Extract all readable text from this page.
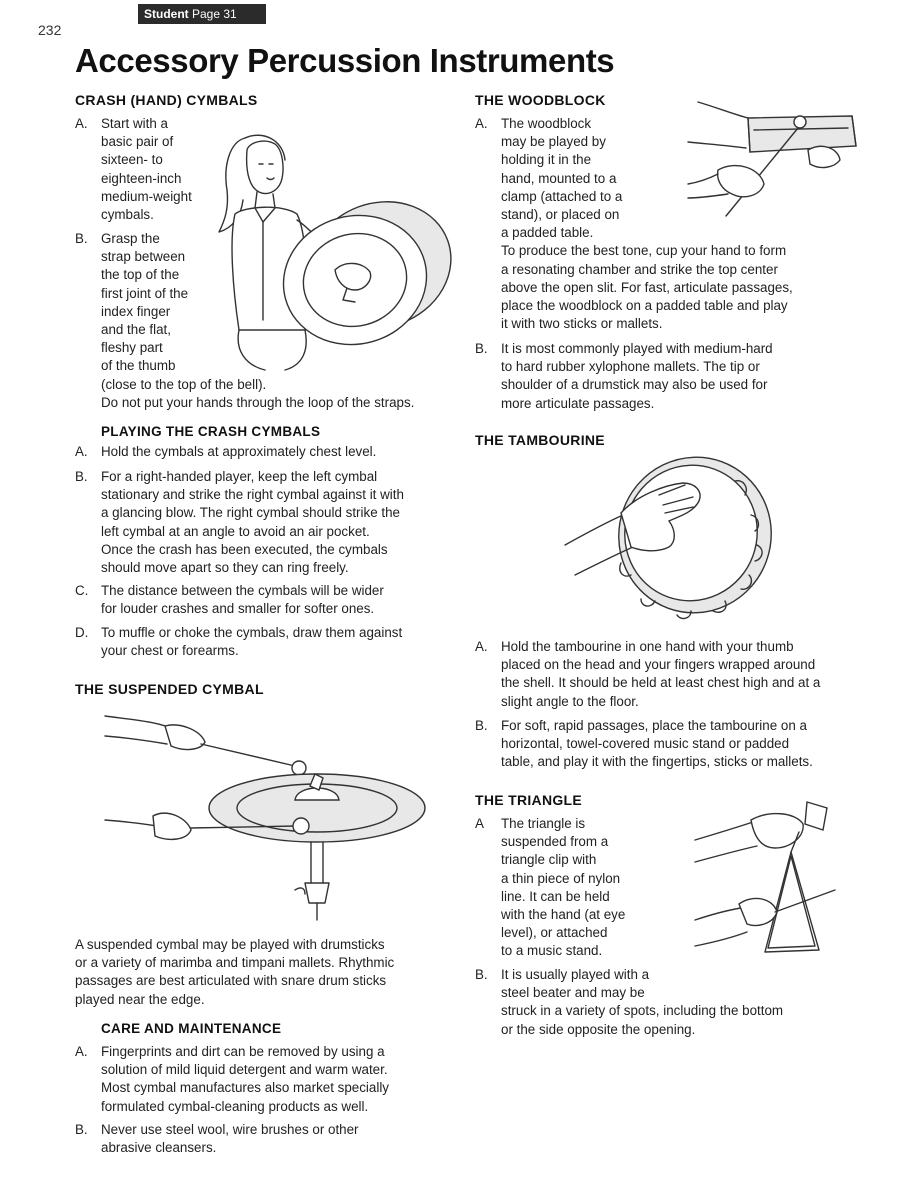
Student Page 31
232
Accessory Percussion Instruments
CRASH (HAND) CYMBALS
A. Start with a
basic pair of
sixteen- to
eighteen-inch
medium-weight
cymbals.
B. Grasp the
strap between
the top of the
first joint of the
index finger
and the flat,
fleshy part
of the thumb
(close to the top of the bell).
Do not put your hands through the loop of the straps.
PLAYING THE CRASH CYMBALS
A. Hold the cymbals at approximately chest level.
B. For a right-handed player, keep the left cymbal
stationary and strike the right cymbal against it with
a glancing blow. The right cymbal should strike the
left cymbal at an angle to avoid an air pocket.
Once the crash has been executed, the cymbals
should move apart so they can ring freely.
C. The distance between the cymbals will be wider
for louder crashes and smaller for softer ones.
D. To muffle or choke the cymbals, draw them against
your chest or forearms.
THE SUSPENDED CYMBAL
A suspended cymbal may be played with drumsticks
or a variety of marimba and timpani mallets. Rhythmic
passages are best articulated with snare drum sticks
played near the edge.
CARE AND MAINTENANCE
A. Fingerprints and dirt can be removed by using a
solution of mild liquid detergent and warm water.
Most cymbal manufactures also market specially
formulated cymbal-cleaning products as well.
B. Never use steel wool, wire brushes or other
abrasive cleansers.
THE WOODBLOCK
A. The woodblock
may be played by
holding it in the
hand, mounted to a
clamp (attached to a
stand), or placed on
a padded table.
To produce the best tone, cup your hand to form
a resonating chamber and strike the top center
above the open slit. For fast, articulate passages,
place the woodblock on a padded table and play
it with two sticks or mallets.
B. It is most commonly played with medium-hard
to hard rubber xylophone mallets. The tip or
shoulder of a drumstick may also be used for
more articulate passages.
THE TAMBOURINE
A. Hold the tambourine in one hand with your thumb
placed on the head and your fingers wrapped around
the shell. It should be held at least chest high and at a
slight angle to the floor.
B. For soft, rapid passages, place the tambourine on a
horizontal, towel-covered music stand or padded
table, and play it with the fingertips, sticks or mallets.
THE TRIANGLE
A The triangle is
suspended from a
triangle clip with
a thin piece of nylon
line. It can be held
with the hand (at eye
level), or attached
to a music stand.
B. It is usually played with a
steel beater and may be
struck in a variety of spots, including the bottom
or the side opposite the opening.
